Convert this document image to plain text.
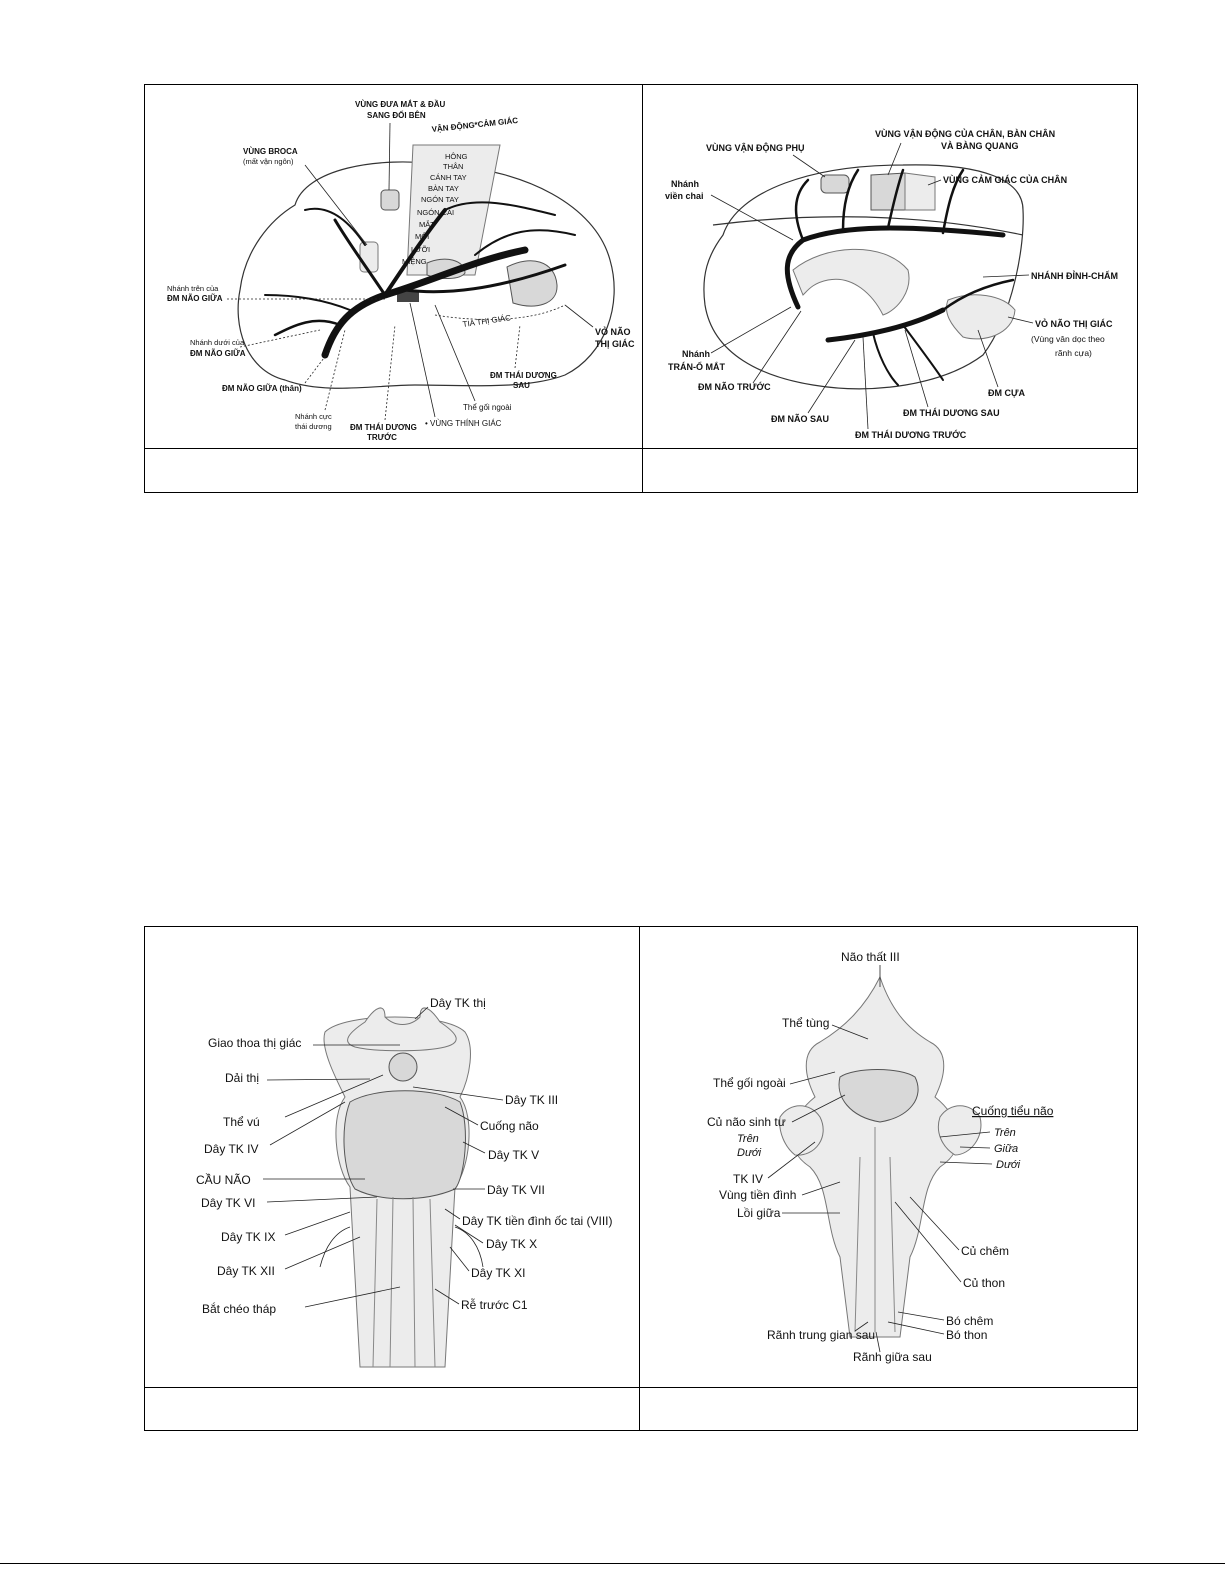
VÙNG ĐƯA MẮT & ĐẦU
SANG ĐỐI BÊN
VẬN ĐỘNG*CẢM GIÁC
VÙNG BROCA
(mất vận ngôn)
HÔNG
THÂN
CÁNH TAY
BÀN TAY
NGÓN TAY
NGÓN CÁI
MẮT
MÔI
LƯỠI
MIỆNG
Nhánh trên của
ĐM NÃO GIỮA
Nhánh dưới của
ĐM NÃO GIỮA
ĐM NÃO GIỮA (thân)
Nhánh cực
thái dương ĐM THÁI DƯƠNG
TRƯỚC
• VÙNG THÍNH GIÁC
Thể gối ngoài
ĐM THÁI DƯƠNG
SAU
TIA THỊ GIÁC
VỎ NÃO
THỊ GIÁC
VÙNG VẬN ĐỘNG PHỤ
VÙNG VẬN ĐỘNG CỦA CHÂN, BÀN CHÂN
VÀ BÀNG QUANG
VÙNG CẢM GIÁC CỦA CHÂN
Nhánh
viền chai
NHÁNH ĐỈNH-CHẨM
VỎ NÃO THỊ GIÁC
(Vùng vân dọc theo
rãnh cựa)
Nhánh
TRÁN-Ổ MẮT
ĐM NÃO TRƯỚC
ĐM CỰA
ĐM NÃO SAU
ĐM THÁI DƯƠNG SAU
ĐM THÁI DƯƠNG TRƯỚC
Dây TK thị
Giao thoa thị giác
Dải thị
Thể vú
Dây TK IV
Dây TK III
Cuống não
Dây TK V
CẦU NÃO
Dây TK VI
Dây TK VII
Dây TK tiền đình ốc tai (VIII)
Dây TK IX	Dây TK X
Dây TK XII	Dây TK XI
Bắt chéo tháp	Rễ trước C1
Não thất III
Thể tùng
Thể gối ngoài
Củ não sinh tư
Trên
Dưới
Cuống tiểu não
Trên
Giữa
Dưới
TK IV
Vùng tiền đình
Lồi giữa
Củ chêm
Củ thon
Bó chêm
Bó thon
Rãnh trung gian sau
Rãnh giữa sau
